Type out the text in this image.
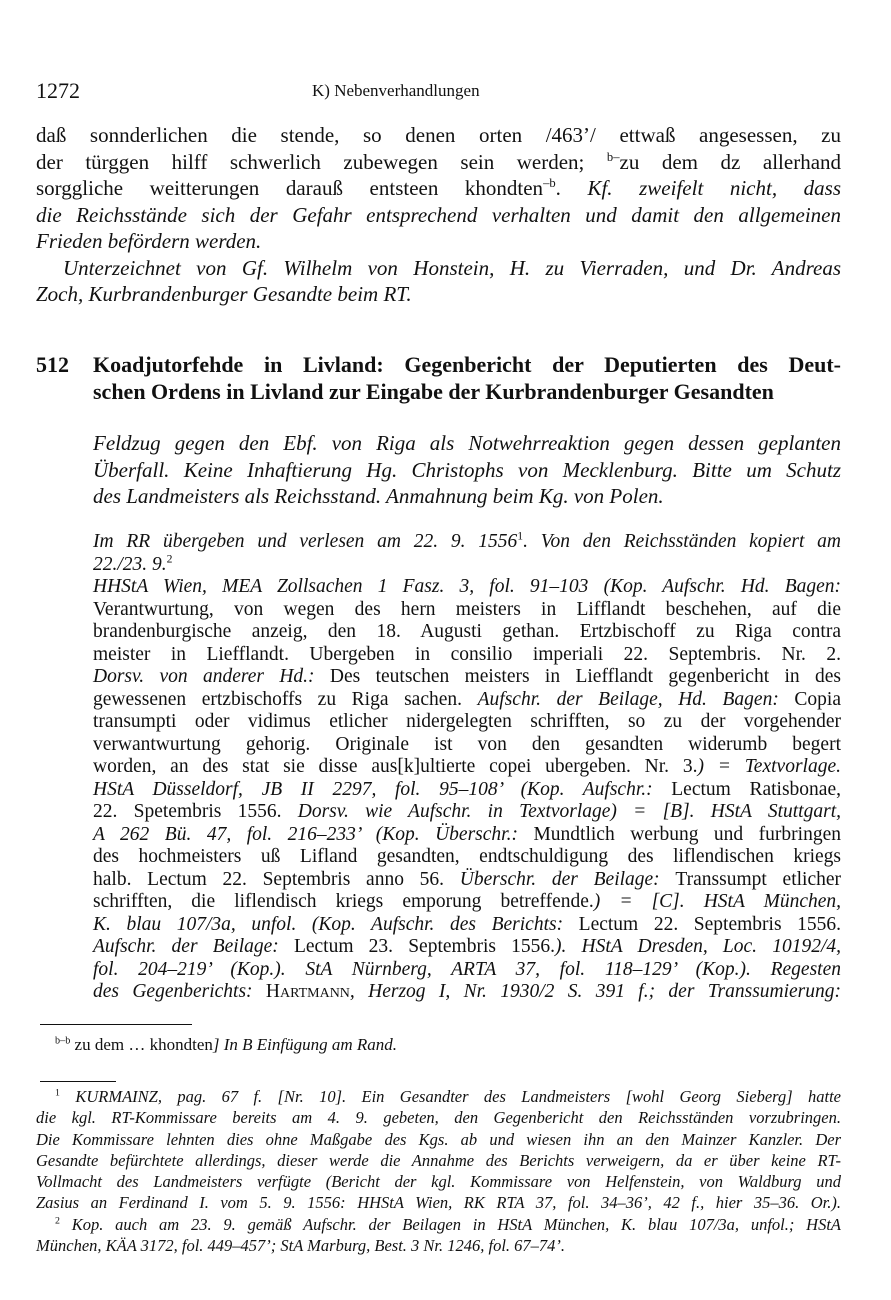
1272	K) Nebenverhandlungen
daß sonnderlichen die stende, so denen orten /463’/ ettwaß angesessen, zu
der türggen hilff schwerlich zubewegen sein werden; $^{b-}$zu dem dz allerhand
sorggliche weitterungen darauß entsteen khondten$^{-b}$. Kf. zweifelt nicht, dass
die Reichsstände sich der Gefahr entsprechend verhalten und damit den allgemeinen
Frieden befördern werden.
Unterzeichnet von Gf. Wilhelm von Honstein, H. zu Vierraden, und Dr. Andreas
Zoch, Kurbrandenburger Gesandte beim RT.
512 Koadjutorfehde in Livland: Gegenbericht der Deputierten des Deut-
schen Ordens in Livland zur Eingabe der Kurbrandenburger Gesandten
Feldzug gegen den Ebf. von Riga als Notwehrreaktion gegen dessen geplanten
Überfall. Keine Inhaftierung Hg. Christophs von Mecklenburg. Bitte um Schutz
des Landmeisters als Reichsstand. Anmahnung beim Kg. von Polen.
Im RR übergeben und verlesen am 22. 9. 1556$^1$. Von den Reichsständen kopiert am
22./23. 9.$^2$
HHStA Wien, MEA Zollsachen 1 Fasz. 3, fol. 91–103 (Kop. Aufschr. Hd. Bagen:
Verantwurtung, von wegen des hern meisters in Lifflandt beschehen, auf die
brandenburgische anzeig, den 18. Augusti gethan. Ertzbischoff zu Riga contra
meister in Liefflandt. Ubergeben in consilio imperiali 22. Septembris. Nr. 2.
Dorsv. von anderer Hd.: Des teutschen meisters in Liefflandt gegenbericht in des
gewessenen ertzbischoffs zu Riga sachen. Aufschr. der Beilage, Hd. Bagen: Copia
transumpti oder vidimus etlicher nidergelegten schrifften, so zu der vorgehender
verwantwurtung gehorig. Originale ist von den gesandten widerumb begert
worden, an des stat sie disse aus[k]ultierte copei ubergeben. Nr. 3.) = Textvorlage.
HStA Düsseldorf, JB II 2297, fol. 95–108’ (Kop. Aufschr.: Lectum Ratisbonae,
22. Spetembris 1556. Dorsv. wie Aufschr. in Textvorlage) = [B]. HStA Stuttgart,
A 262 Bü. 47, fol. 216–233’ (Kop. Überschr.: Mundtlich werbung und furbringen
des hochmeisters uß Lifland gesandten, endtschuldigung des liflendischen kriegs
halb. Lectum 22. Septembris anno 56. Überschr. der Beilage: Transsumpt etlicher
schrifften, die liflendisch kriegs emporung betreffende.) = [C]. HStA München,
K. blau 107/3a, unfol. (Kop. Aufschr. des Berichts: Lectum 22. Septembris 1556.
Aufschr. der Beilage: Lectum 23. Septembris 1556.). HStA Dresden, Loc. 10192/4,
fol. 204–219’ (Kop.). StA Nürnberg, ARTA 37, fol. 118–129’ (Kop.). Regesten
des Gegenberichts: Hartmann, Herzog I, Nr. 1930/2 S. 391 f.; der Transsumierung:
$^{b-b}$ zu dem … khondten] In B Einfügung am Rand.
$^1$ KURMAINZ, pag. 67 f. [Nr. 10]. Ein Gesandter des Landmeisters [wohl Georg Sieberg] hatte
die kgl. RT-Kommissare bereits am 4. 9. gebeten, den Gegenbericht den Reichsständen vorzubringen.
Die Kommissare lehnten dies ohne Maßgabe des Kgs. ab und wiesen ihn an den Mainzer Kanzler. Der
Gesandte befürchtete allerdings, dieser werde die Annahme des Berichts verweigern, da er über keine RT-
Vollmacht des Landmeisters verfügte (Bericht der kgl. Kommissare von Helfenstein, von Waldburg und
Zasius an Ferdinand I. vom 5. 9. 1556: HHStA Wien, RK RTA 37, fol. 34–36’, 42 f., hier 35–36. Or.).
$^2$ Kop. auch am 23. 9. gemäß Aufschr. der Beilagen in HStA München, K. blau 107/3a, unfol.; HStA
München, KÄA 3172, fol. 449–457’; StA Marburg, Best. 3 Nr. 1246, fol. 67–74’.
